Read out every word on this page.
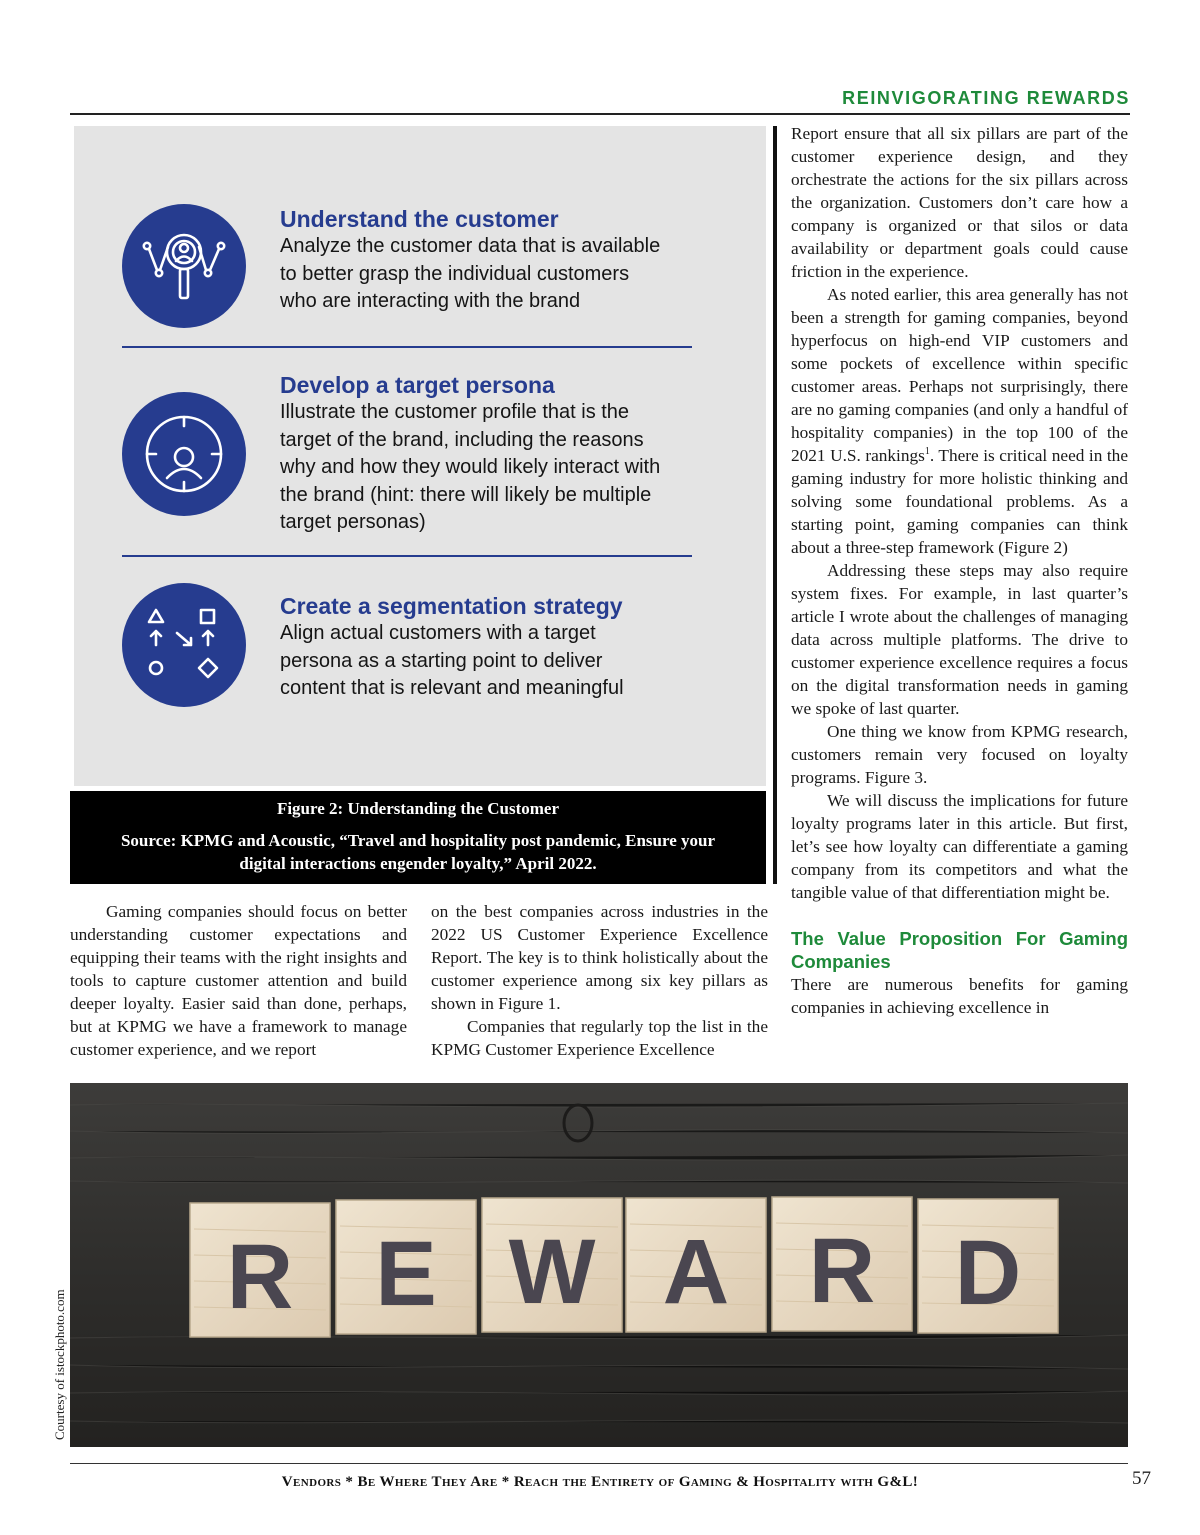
REINVIGORATING REWARDS
Understand the customer
Analyze the customer data that is available
to better grasp the individual customers
who are interacting with the brand
Develop a target persona
Illustrate the customer profile that is the
target of the brand, including the reasons
why and how they would likely interact with
the brand (hint: there will likely be multiple
target personas)
Create a segmentation strategy
Align actual customers with a target
persona as a starting point to deliver
content that is relevant and meaningful
Figure 2: Understanding the Customer
Source: KPMG and Acoustic, “Travel and hospitality post pandemic, Ensure your digital interactions engender loyalty,” April 2022.

Gaming companies should focus on better understanding customer expectations and equipping their teams with the right insights and tools to capture customer attention and build deeper loyalty. Easier said than done, perhaps, but at KPMG we have a framework to manage customer experience, and we report

on the best companies across industries in the 2022 US Customer Experience Excellence Report. The key is to think holistically about the customer experience among six key pillars as shown in Figure 1.

Companies that regularly top the list in the KPMG Customer Experience Excellence

Report ensure that all six pillars are part of the customer experience design, and they orchestrate the actions for the six pillars across the organization. Customers don’t care how a company is organized or that silos or data availability or department goals could cause friction in the experience.

As noted earlier, this area generally has not been a strength for gaming companies, beyond hyperfocus on high-end VIP customers and some pockets of excellence within specific customer areas. Perhaps not surprisingly, there are no gaming companies (and only a handful of hospitality companies) in the top 100 of the 2021 U.S. rankings$^1$. There is critical need in the gaming industry for more holistic thinking and solving some foundational problems. As a starting point, gaming companies can think about a three-step framework (Figure 2)

Addressing these steps may also require system fixes. For example, in last quarter’s article I wrote about the challenges of managing data across multiple platforms. The drive to customer experience excellence requires a focus on the digital transformation needs in gaming we spoke of last quarter.

One thing we know from KPMG research, customers remain very focused on loyalty programs. Figure 3.

We will discuss the implications for future loyalty programs later in this article. But first, let’s see how loyalty can differentiate a gaming company from its competitors and what the tangible value of that differentiation might be.

The Value Proposition For Gaming Companies

There are numerous benefits for gaming companies in achieving excellence in

R E W A R D
Courtesy of istockphoto.com
Vendors * Be Where They Are * Reach the Entirety of Gaming & Hospitality with G&L!	57
